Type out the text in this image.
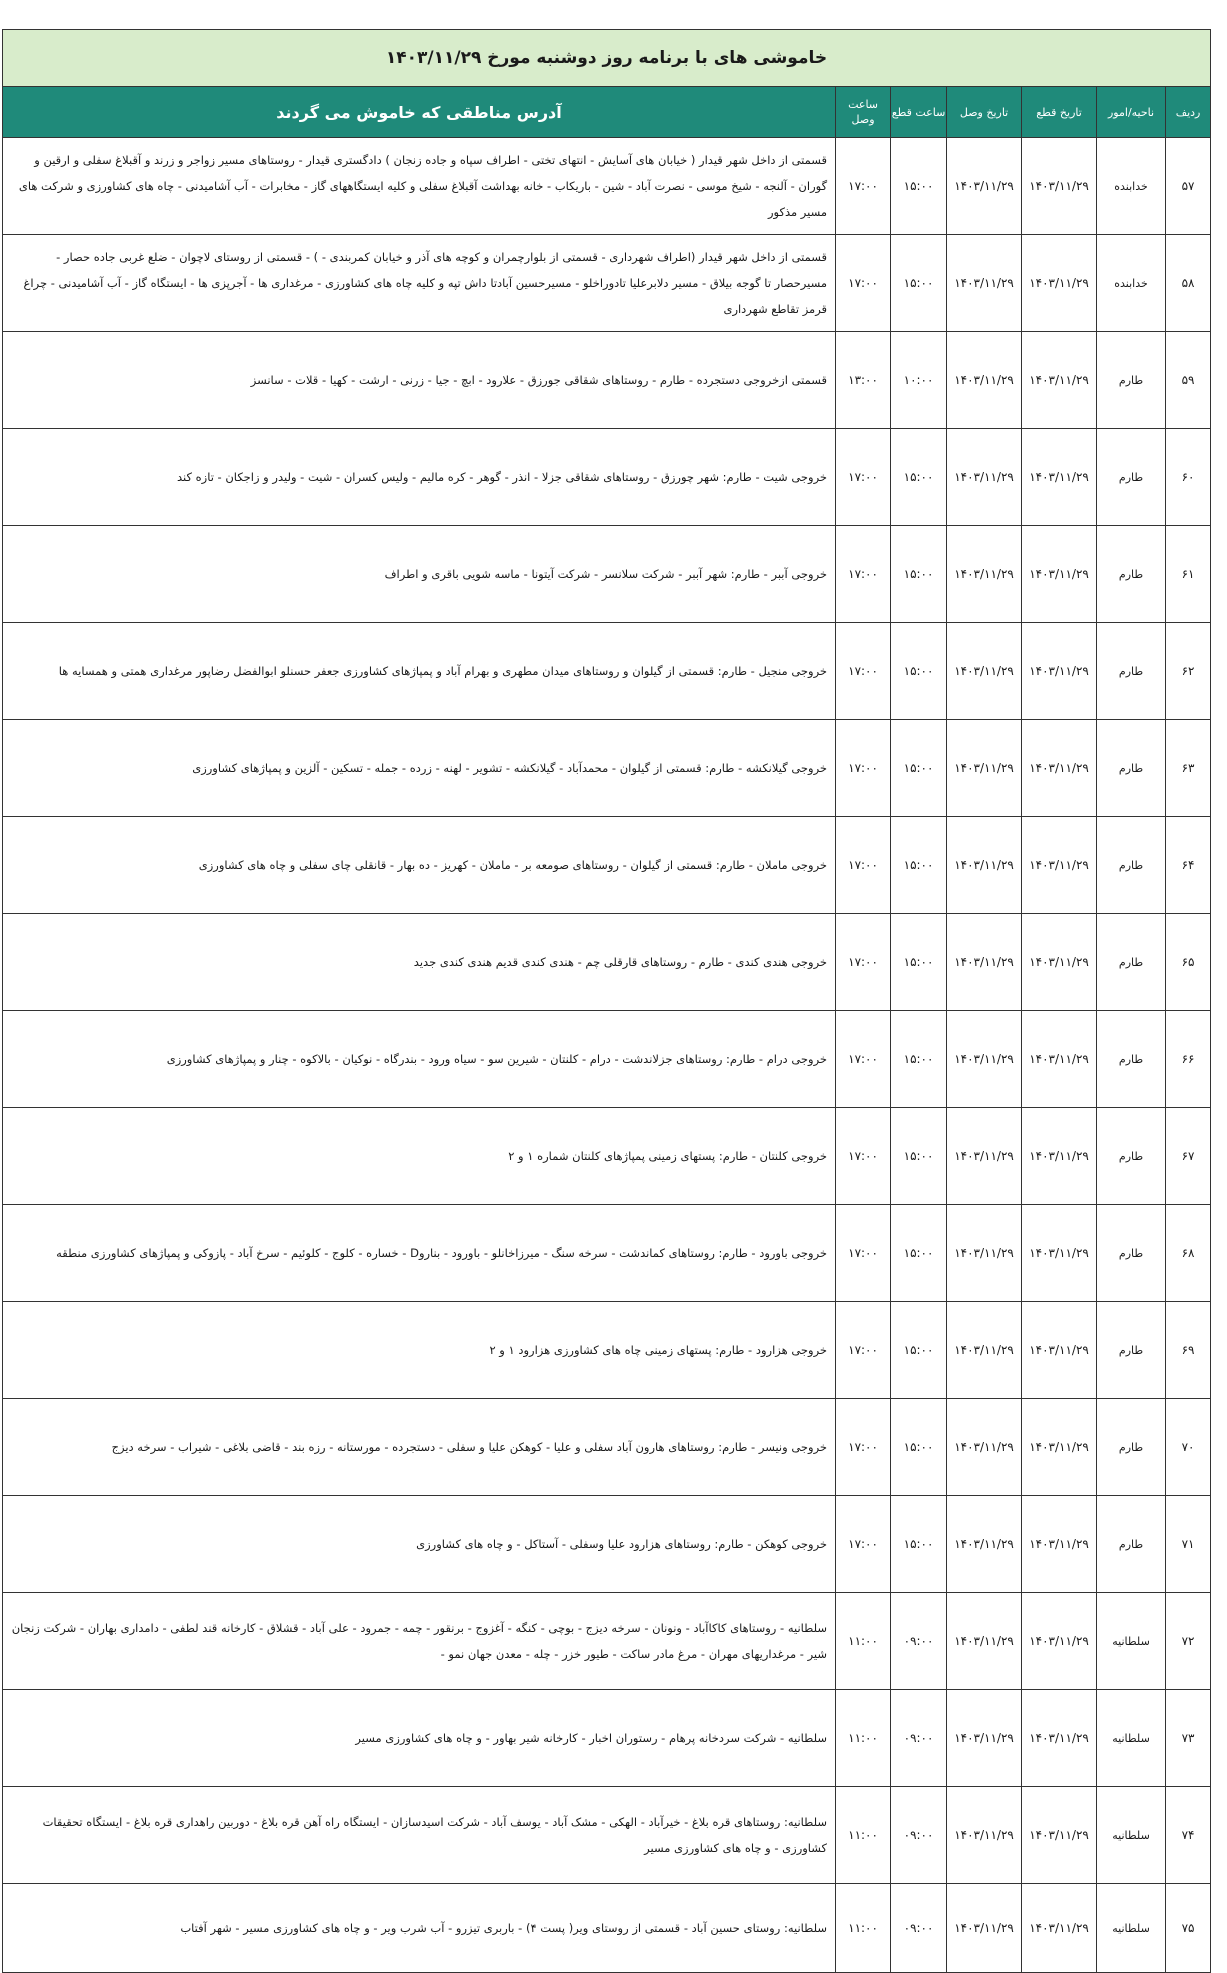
خاموشی های با برنامه روز دوشنبه مورخ ۱۴۰۳/۱۱/۲۹						
ردیف	ناحیه/امور	تاریخ قطع	تاریخ وصل	ساعت قطع	ساعت وصل	آدرس مناطقی که خاموش می گردند
۵۷	خدابنده	۱۴۰۳/۱۱/۲۹	۱۴۰۳/۱۱/۲۹	۱۵:۰۰	۱۷:۰۰	قسمتی از داخل شهر قیدار ( خیابان های آسایش - انتهای تختی - اطراف سپاه و جاده زنجان ) دادگستری قیدار - روستاهای مسیر زواجر و زرند و آقبلاغ سفلی و ارقین و گوران - آلنجه - شیخ موسی - نصرت آباد - شین - باریکاب - خانه بهداشت آقبلاغ سفلی و کلیه ایستگاههای گاز - مخابرات - آب آشامیدنی - چاه های کشاورزی و شرکت های مسیر مذکور
۵۸	خدابنده	۱۴۰۳/۱۱/۲۹	۱۴۰۳/۱۱/۲۹	۱۵:۰۰	۱۷:۰۰	قسمتی از داخل شهر قیدار (اطراف شهرداری - قسمتی از بلوارچمران و کوچه های آذر و خیابان کمربندی - ) - قسمتی از روستای لاچوان - ضلع غربی جاده حصار - مسیرحصار تا گوجه بیلاق - مسیر دلابرعلیا تادوراخلو - مسیرحسین آبادتا داش تپه و کلیه چاه های کشاورزی - مرغداری ها - آجرپزی ها - ایستگاه گاز - آب آشامیدنی - چراغ قرمز تقاطع شهرداری
۵۹	طارم	۱۴۰۳/۱۱/۲۹	۱۴۰۳/۱۱/۲۹	۱۰:۰۰	۱۳:۰۰	قسمتی ازخروجی دستجرده - طارم - روستاهای شقاقی جورزق - علارود - ابچ - جیا - زرنی - ارشت - کهیا - قلات - سانسز
۶۰	طارم	۱۴۰۳/۱۱/۲۹	۱۴۰۳/۱۱/۲۹	۱۵:۰۰	۱۷:۰۰	خروجی شیت - طارم: شهر چورزق - روستاهای شقاقی جزلا - انذر - گوهر - کره مالیم - ولیس کسران - شیت - ولیدر و زاجکان - تازه کند
۶۱	طارم	۱۴۰۳/۱۱/۲۹	۱۴۰۳/۱۱/۲۹	۱۵:۰۰	۱۷:۰۰	خروجی آببر - طارم: شهر آببر - شرکت سلانسر - شرکت آیتونا - ماسه شویی باقری و اطراف
۶۲	طارم	۱۴۰۳/۱۱/۲۹	۱۴۰۳/۱۱/۲۹	۱۵:۰۰	۱۷:۰۰	خروجی منجیل - طارم: قسمتی از گیلوان و روستاهای میدان مطهری و بهرام آباد و پمپاژهای کشاورزی جعفر حسنلو ابوالفضل رضاپور مرغداری همتی و همسایه ها
۶۳	طارم	۱۴۰۳/۱۱/۲۹	۱۴۰۳/۱۱/۲۹	۱۵:۰۰	۱۷:۰۰	خروجی گیلانکشه - طارم: قسمتی از گیلوان - محمدآباد - گیلانکشه - تشویر - لهنه - زرده - جمله - تسکین - آلزین و پمپاژهای کشاورزی
۶۴	طارم	۱۴۰۳/۱۱/۲۹	۱۴۰۳/۱۱/۲۹	۱۵:۰۰	۱۷:۰۰	خروجی ماملان - طارم: قسمتی از گیلوان - روستاهای صومعه بر - ماملان - کهریز - ده بهار - قانقلی چای سفلی و چاه های کشاورزی
۶۵	طارم	۱۴۰۳/۱۱/۲۹	۱۴۰۳/۱۱/۲۹	۱۵:۰۰	۱۷:۰۰	خروجی هندی کندی - طارم - روستاهای قارقلی چم - هندی کندی قدیم هندی کندی جدید
۶۶	طارم	۱۴۰۳/۱۱/۲۹	۱۴۰۳/۱۱/۲۹	۱۵:۰۰	۱۷:۰۰	خروجی درام - طارم: روستاهای جزلاندشت - درام - کلنتان - شیرین سو - سیاه ورود - بندرگاه - نوکیان - بالاکوه - چنار و پمپاژهای کشاورزی
۶۷	طارم	۱۴۰۳/۱۱/۲۹	۱۴۰۳/۱۱/۲۹	۱۵:۰۰	۱۷:۰۰	خروجی کلنتان - طارم: پستهای زمینی پمپاژهای کلنتان شماره ۱ و ۲
۶۸	طارم	۱۴۰۳/۱۱/۲۹	۱۴۰۳/۱۱/۲۹	۱۵:۰۰	۱۷:۰۰	خروجی باورود - طارم: روستاهای کماندشت - سرخه سنگ - میرزاخانلو - باورود - بناروD - خساره - کلوج - کلوئیم - سرخ آباد - پازوکی و پمپاژهای کشاورزی منطقه
۶۹	طارم	۱۴۰۳/۱۱/۲۹	۱۴۰۳/۱۱/۲۹	۱۵:۰۰	۱۷:۰۰	خروجی هزارود - طارم: پستهای زمینی چاه های کشاورزی هزارود ۱ و ۲
۷۰	طارم	۱۴۰۳/۱۱/۲۹	۱۴۰۳/۱۱/۲۹	۱۵:۰۰	۱۷:۰۰	خروجی ونیسر - طارم: روستاهای هارون آباد سفلی و علیا - کوهکن علیا و سفلی - دستجرده - مورستانه - رزه بند - قاضی بلاغی - شیراب - سرخه دیزج
۷۱	طارم	۱۴۰۳/۱۱/۲۹	۱۴۰۳/۱۱/۲۹	۱۵:۰۰	۱۷:۰۰	خروجی کوهکن - طارم: روستاهای هزارود علیا وسفلی - آستاکل - و چاه های کشاورزی
۷۲	سلطانیه	۱۴۰۳/۱۱/۲۹	۱۴۰۳/۱۱/۲۹	۰۹:۰۰	۱۱:۰۰	سلطانیه - روستاهای کاکاآباد - ونونان - سرخه دیزج - بوچی - کنگه - آغزوج - برنقور - چمه - جمرود - علی آباد - قشلاق - کارخانه قند لطفی - دامداری بهاران - شرکت زنجان شیر - مرغداریهای مهران - مرغ مادر ساکت - طیور خزر - چله - معدن جهان نمو -
۷۳	سلطانیه	۱۴۰۳/۱۱/۲۹	۱۴۰۳/۱۱/۲۹	۰۹:۰۰	۱۱:۰۰	سلطانیه - شرکت سردخانه پرهام - رستوران اخبار - کارخانه شیر بهاور - و چاه های کشاورزی مسیر
۷۴	سلطانیه	۱۴۰۳/۱۱/۲۹	۱۴۰۳/۱۱/۲۹	۰۹:۰۰	۱۱:۰۰	سلطانیه: روستاهای قره بلاغ - خیرآباد - الهکی - مشک آباد - یوسف آباد - شرکت اسیدسازان - ایستگاه راه آهن قره بلاغ - دوربین راهداری قره بلاغ - ایستگاه تحقیقات کشاورزی - و چاه های کشاورزی مسیر
۷۵	سلطانیه	۱۴۰۳/۱۱/۲۹	۱۴۰۳/۱۱/۲۹	۰۹:۰۰	۱۱:۰۰	سلطانیه: روستای حسین آباد - قسمتی از روستای ویر( پست ۴) - باربری تیزرو - آب شرب ویر - و چاه های کشاورزی مسیر - شهر آفتاب
